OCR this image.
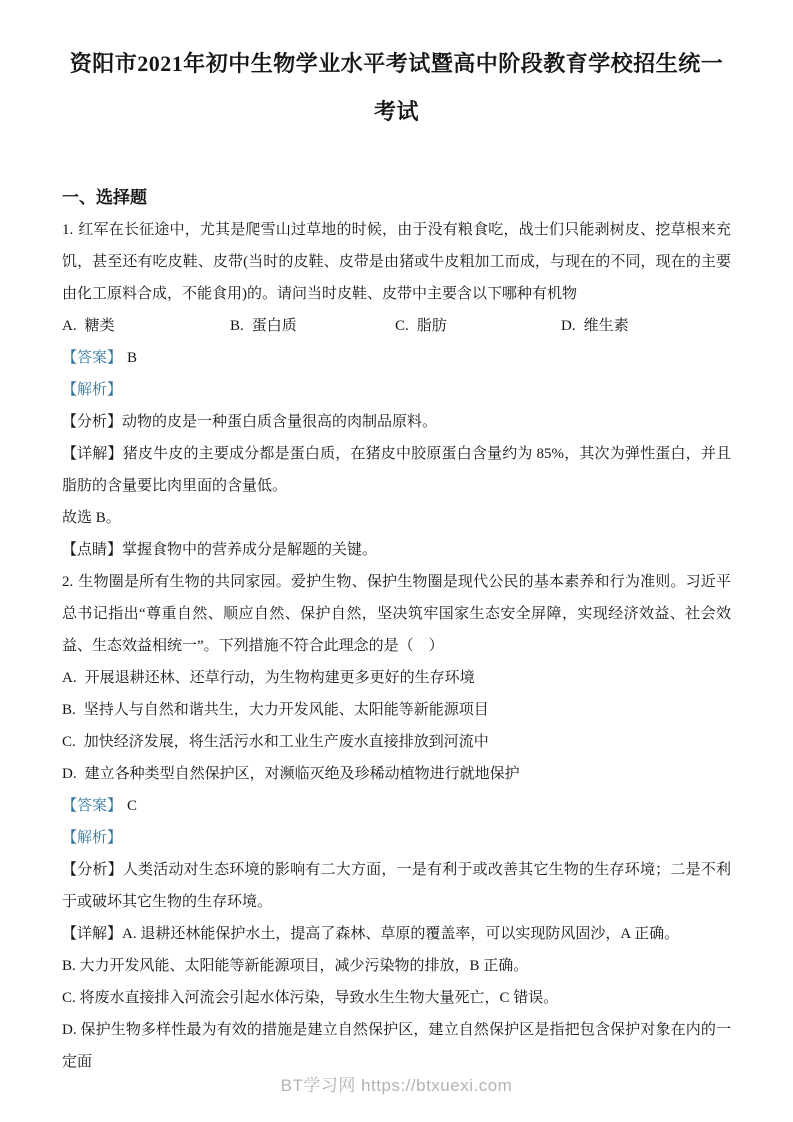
资阳市2021年初中生物学业水平考试暨高中阶段教育学校招生统一考试
一、选择题

1. 红军在长征途中，尤其是爬雪山过草地的时候，由于没有粮食吃，战士们只能剥树皮、挖草根来充饥，甚至还有吃皮鞋、皮带(当时的皮鞋、皮带是由猪或牛皮粗加工而成，与现在的不同，现在的主要由化工原料合成，不能食用)的。请问当时皮鞋、皮带中主要含以下哪种有机物

A. 糖类	B. 蛋白质	C. 脂肪	D. 维生素

【答案】 B

【解析】

【分析】动物的皮是一种蛋白质含量很高的肉制品原料。

【详解】猪皮牛皮的主要成分都是蛋白质，在猪皮中胶原蛋白含量约为 85%，其次为弹性蛋白，并且脂肪的含量要比肉里面的含量低。

故选 B。

【点睛】掌握食物中的营养成分是解题的关键。

2. 生物圈是所有生物的共同家园。爱护生物、保护生物圈是现代公民的基本素养和行为准则。习近平总书记指出“尊重自然、顺应自然、保护自然，坚决筑牢国家生态安全屏障，实现经济效益、社会效益、生态效益相统一”。下列措施不符合此理念的是（　）

A. 开展退耕还林、还草行动，为生物构建更多更好的生存环境

B. 坚持人与自然和谐共生，大力开发风能、太阳能等新能源项目

C. 加快经济发展，将生活污水和工业生产废水直接排放到河流中

D. 建立各种类型自然保护区，对濒临灭绝及珍稀动植物进行就地保护

【答案】 C

【解析】

【分析】人类活动对生态环境的影响有二大方面，一是有利于或改善其它生物的生存环境；二是不利于或破坏其它生物的生存环境。

【详解】A. 退耕还林能保护水土，提高了森林、草原的覆盖率，可以实现防风固沙，A 正确。

B. 大力开发风能、太阳能等新能源项目，减少污染物的排放，B 正确。

C. 将废水直接排入河流会引起水体污染，导致水生生物大量死亡，C 错误。

D. 保护生物多样性最为有效的措施是建立自然保护区，建立自然保护区是指把包含保护对象在内的一定面

BT学习网 https://btxuexi.com
